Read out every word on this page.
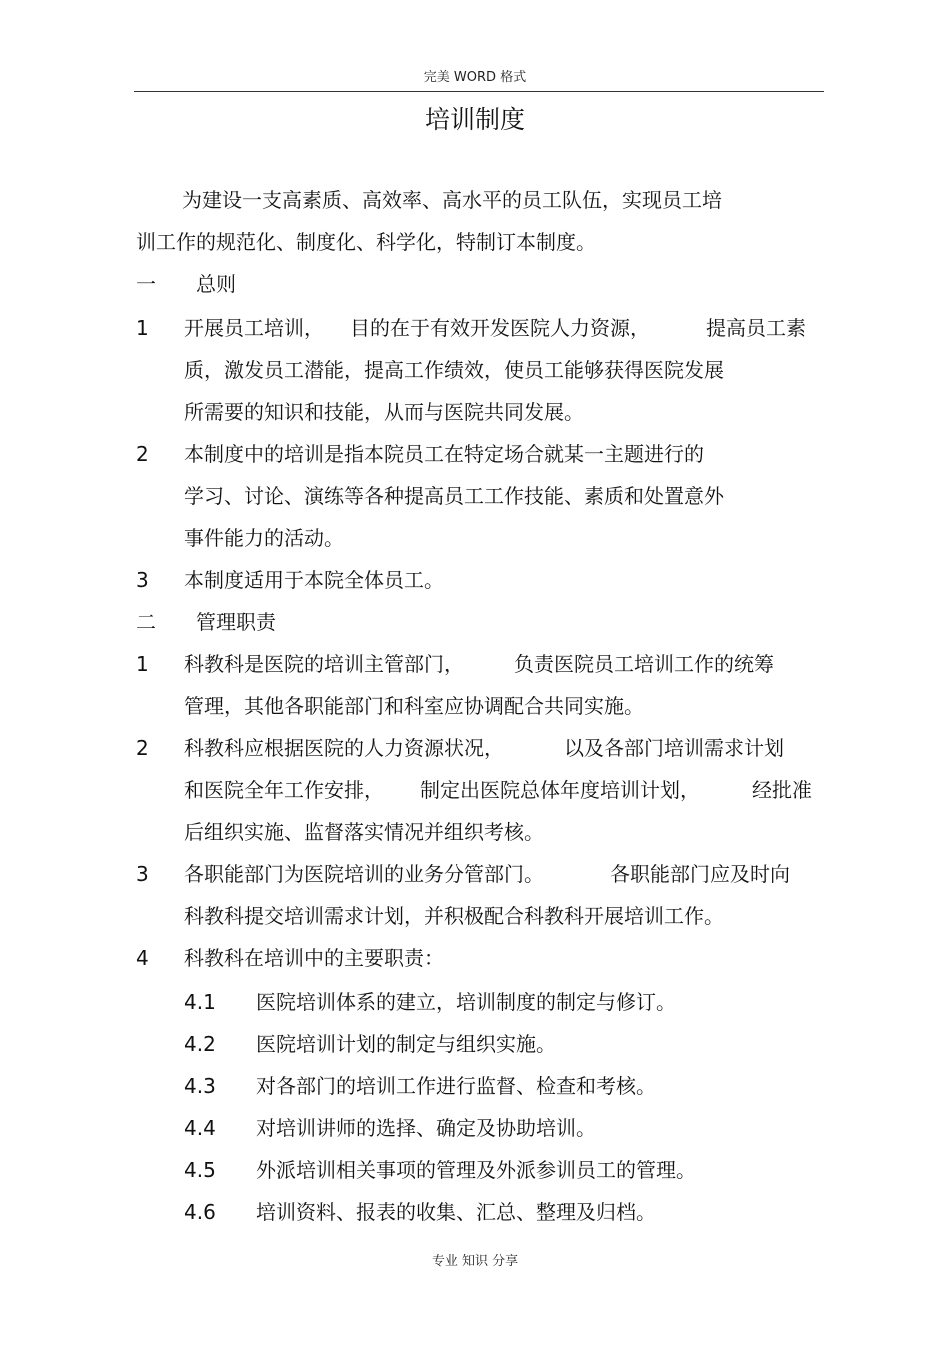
完美 WORD 格式
培训制度
为建设一支高素质、高效率、高水平的员工队伍，实现员工培
训工作的规范化、制度化、科学化，特制订本制度。
一 总则
1 开展员工培训， 目的在于有效开发医院人力资源，	提高员工素
质，激发员工潜能，提高工作绩效，使员工能够获得医院发展
所需要的知识和技能，从而与医院共同发展。
2 本制度中的培训是指本院员工在特定场合就某一主题进行的
学习、讨论、演练等各种提高员工工作技能、素质和处置意外
事件能力的活动。
3 本制度适用于本院全体员工。
二 管理职责
1 科教科是医院的培训主管部门，	负责医院员工培训工作的统筹
管理，其他各职能部门和科室应协调配合共同实施。
2 科教科应根据医院的人力资源状况，	以及各部门培训需求计划
和医院全年工作安排， 制定出医院总体年度培训计划，	经批准
后组织实施、监督落实情况并组织考核。
3 各职能部门为医院培训的业务分管部门。	各职能部门应及时向
科教科提交培训需求计划，并积极配合科教科开展培训工作。
4 科教科在培训中的主要职责：
4.1 医院培训体系的建立，培训制度的制定与修订。
4.2 医院培训计划的制定与组织实施。
4.3 对各部门的培训工作进行监督、检查和考核。
4.4 对培训讲师的选择、确定及协助培训。
4.5 外派培训相关事项的管理及外派参训员工的管理。
4.6 培训资料、报表的收集、汇总、整理及归档。
专业 知识 分享
